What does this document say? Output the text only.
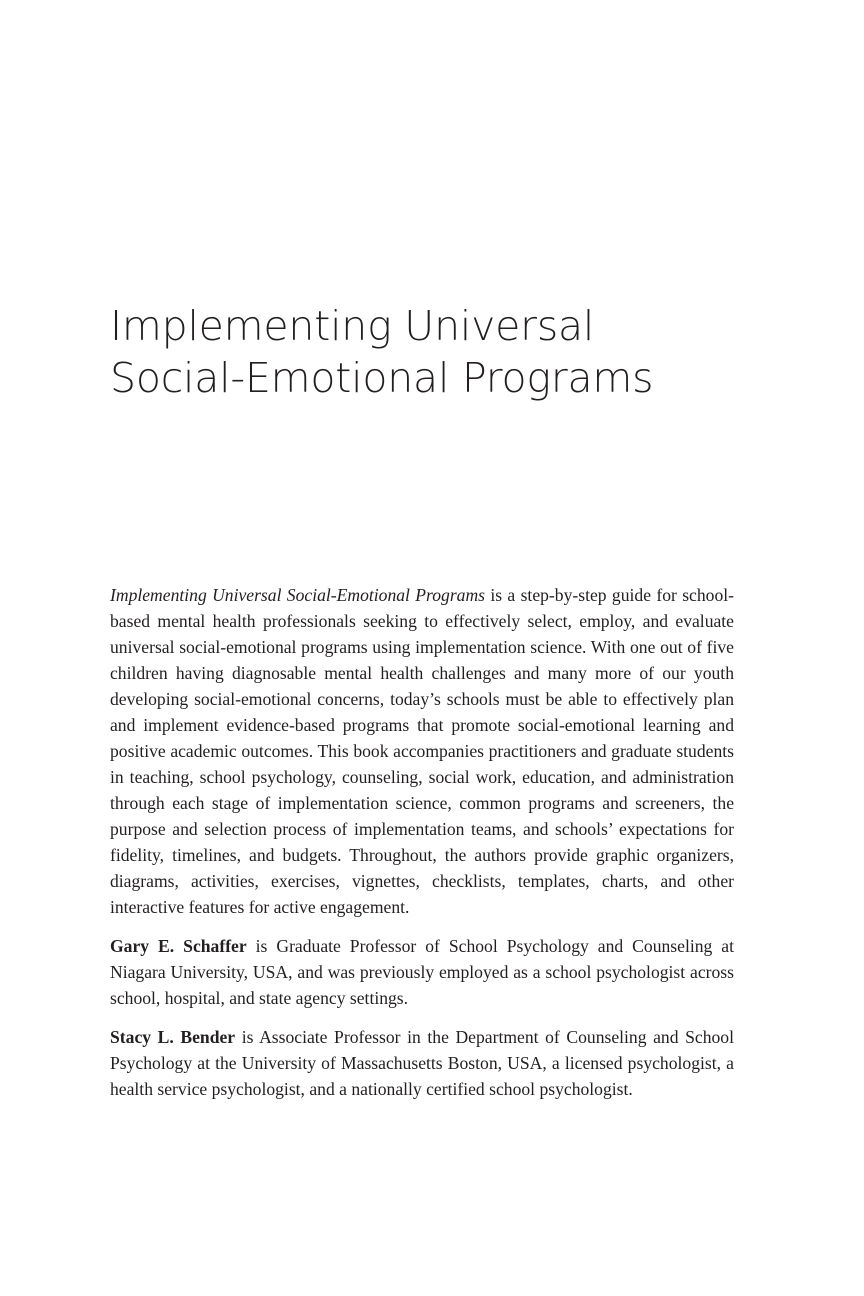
Implementing Universal
Social-Emotional Programs

Implementing Universal Social-Emotional Programs is a step-by-step guide for school-based mental health professionals seeking to effectively select, employ, and evaluate universal social-emotional programs using implementation science. With one out of five children having diagnosable mental health challenges and many more of our youth developing social-emotional concerns, today’s schools must be able to effectively plan and implement evidence-based programs that promote social-emotional learning and positive academic outcomes. This book accompanies practitioners and graduate students in teaching, school psychology, counseling, social work, education, and administration through each stage of implementation science, common programs and screeners, the purpose and selection process of implementation teams, and schools’ expectations for fidelity, timelines, and budgets. Throughout, the authors provide graphic organizers, diagrams, activities, exercises, vignettes, checklists, templates, charts, and other interactive features for active engagement.

Gary E. Schaffer is Graduate Professor of School Psychology and Counseling at Niagara University, USA, and was previously employed as a school psychologist across school, hospital, and state agency settings.

Stacy L. Bender is Associate Professor in the Department of Counseling and School Psychology at the University of Massachusetts Boston, USA, a licensed psychologist, a health service psychologist, and a nationally certified school psychologist.
